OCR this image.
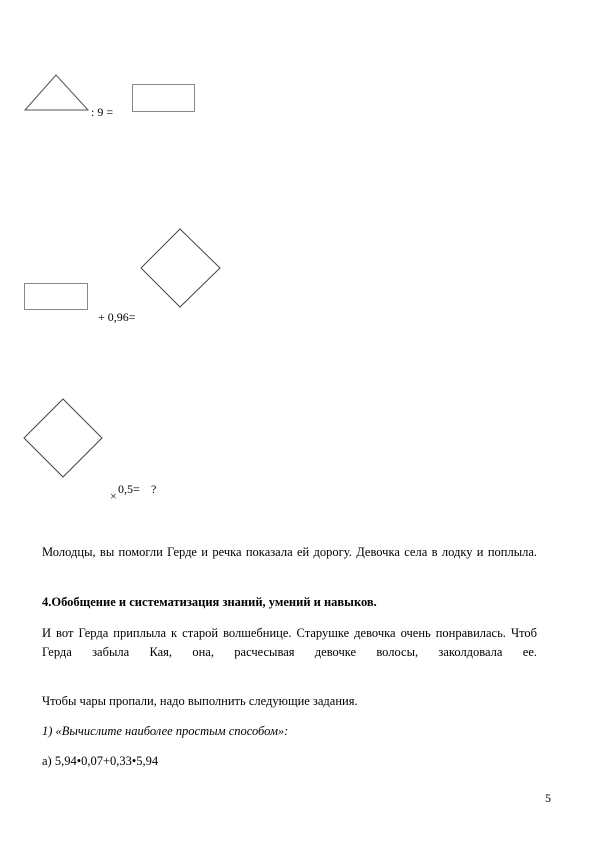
: 9 =
+ 0,96=
× 0,5= ?
Молодцы, вы помогли Герде и речка показала ей дорогу. Девочка села в лодку и поплыла.
4.Обобщение и систематизация знаний, умений и навыков.
И вот Герда приплыла к старой волшебнице. Старушке девочка очень понравилась. Чтоб Герда забыла Кая, она, расчесывая девочке волосы, заколдовала ее.
Чтобы чары пропали, надо выполнить следующие задания.
1) «Вычислите наиболее простым способом»:
а) 5,94•0,07+0,33•5,94
5
